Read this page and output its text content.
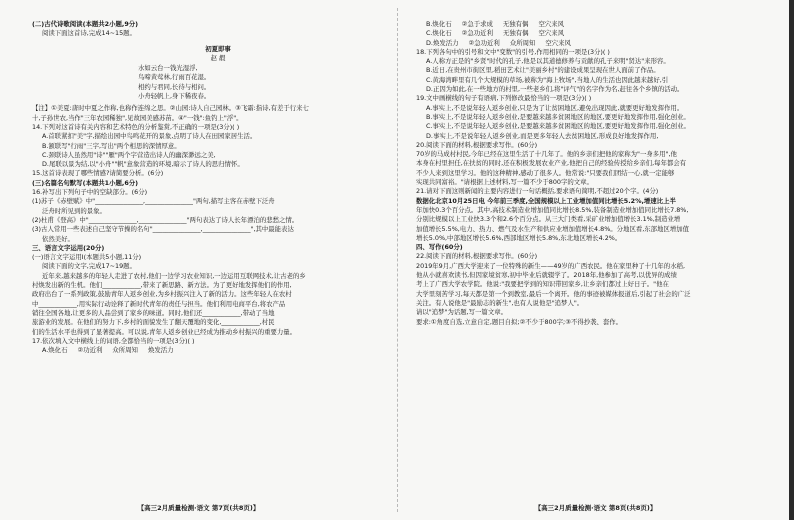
(二)古代诗歌阅读(本题共2小题,9分)
阅读下面这首诗,完成14~15题。
初夏即事
赵 嘏
水如云台一钱光湿浮,
鸟啼黄莺林,行雨百花湿。
相约与君同,长待与相问。
小舟轻帆上,身下稀夜春。
【注】①美夏:唐时中夏之作称,也称作连绵之思。②山园:诗人自己园林。③飞霜:指诗,有差于行来七
十,子孙世农,当作"三年农园稀独",见故园美感苏苗。④"一钱":鱼钓上"浮"。
14.下列对这首诗有关内容和艺术特色的分析鉴赏,不正确的一项是(3分)( )
A.首联紧扣"美"字,描绘出园中鸟鸣花开的景象,点明了诗人在田园家居生活。
B.颔联写"行雨"三字,写出"两个相思的深情厚意。
C.颈联诗人虽然用"诗""雁"两个字营造出诗人的幽深渺远之美,
D.尾联以景为结,以"小舟""帆"意象营造的环境,暗示了诗人的思归情怀。
15.这首诗表现了哪些情感?请简要分析。(6分)
(三)名篇名句默写(本题共1小题,6分)
16.补写出下列句子中的空缺部分。(6分)
(1)苏子《赤壁赋》中"_______________,_______________"两句,描写主客在赤壁下泛舟
泛舟时所见到的景象。
(2)杜甫《登高》中"_______________,_______________"两句表达了诗人长年漂泊的悲愁之情。
(3)古人常用一些表述自己坚守节操的名句"_______________,_______________",其中最能表达
依然美好。
三、语言文字运用(20分)
(一)语言文字运用Ⅰ(本题共5小题,11分)
阅读下面的文字,完成17~19题。
近年来,越来越多的年轻人走进了农村,他们一边学习农业知识,一边运用互联网技术,让古老的乡
村焕发出新的生机。他们____________,带来了新思路、新方法。为了更好地发挥他们的作用,
政府出台了一系列政策,鼓励青年人返乡创业,为乡村振兴注入了新的活力。这些年轻人在农村
中____________,用实际行动诠释了新时代青年的责任与担当。他们利用电商平台,将农产品
销往全国各地,让更多的人品尝到了家乡的味道。同时,他们还____________,带动了当地
旅游业的发展。在他们的努力下,乡村的面貌发生了翻天覆地的变化,____________,村民
们的生活水平也得到了显著提高。可以说,青年人返乡创业已经成为推动乡村振兴的重要力量。
17.依次填入文中横线上的词语,全都恰当的一项是(3分)( )
A.焕化石 ②功近利 众所周知 焕发活力
B.焕化石 ②急于求成 无独有偶 空穴来风
C.焕化石 ②急功近利 无独有偶 空穴来风
D.焕发活力 ②急功近利 众所周知 空穴来风
18.下列各句中的引号和文中"变数"的引号,作用相同的一项是(3分)( )
A.人称方正是的"乡贤"时代的孔子,他是以其道德修养与贡献的孔子来明"贤达"来形容。
B.近日,在贵州市街区里,稻田艺术让"美丽乡村"的建设成果呈现在世人面前了作品。
C.黄海湾畔里有几个大规模的草场,被称为"海上牧场",当地人的生活也因此越来越好,引
D.正因为如此,在一些地方的村里,一些老乡们,将"评气"的名字作为名,赶往各个乡镇的活动。
19.文中画横线的句子有语病,下列修改最恰当的一项是(3分)( )
A.事实上,不是说年轻人返乡创业,只是为了让贫困地区,避免出现因此,就要更好地发挥作用。
B.事实上,不是说年轻人返乡创业,是要越来越多贫困地区的地区,要更好地发挥作用,强化创业。
C.事实上,不是说年轻人返乡创业,是要越来越多贫困地区的地区,要更好地发挥作用,强化创业。
D.事实上,不是说年轻人返乡创业,而是更多年轻人去贫困地区,形成良好地发挥作用,
20.阅读下面的材料,根据要求写作。(60分)
70岁的马成村村民,今年已经在这里生活了十几年了。他的乡亲们把他的家称为"一身多用",他
本身在村里担任,在扶贫的同时,还在积极发展农业产业,他把自己的经验传授给乡亲们,每年都会有
不少人来到这里学习。他的这种精神,感动了很多人。他常说:"只要我们团结一心,就一定能够
实现共同富裕。"请根据上述材料,写一篇不少于800字的文章。
21.请对下面这则新闻的主要内容进行一句话概括,要求语句简明,不超过20个字。(4分)
数据化北京10月25日电 今年前三季度,全国规模以上工业增加值同比增长5.2%,增速比上半
年加快0.3个百分点。其中,高技术制造业增加值同比增长8.5%,装备制造业增加值同比增长7.8%,
分别比规模以上工业快3.3个和2.6个百分点。从三大门类看,采矿业增加值增长3.1%,制造业增
加值增长5.5%,电力、热力、燃气及水生产和供应业增加值增长4.8%。分地区看,东部地区增加值
增长5.0%,中部地区增长5.6%,西部地区增长5.8%,东北地区增长4.2%。
四、写作(60分)
22.阅读下面的材料,根据要求写作。(60分)
2019年9月,广西大学迎来了一位特殊的新生——49岁的广西农民。他在家里种了十几年的水稻,
他从小就喜欢读书,但因家境贫寒,初中毕业后就辍学了。2018年,他参加了高考,以优异的成绩
考上了广西大学农学院。他说:"我要把学到的知识带回家乡,让乡亲们都过上好日子。"他在
大学里刻苦学习,每天都是第一个到教室,最后一个离开。他的事迹被媒体报道后,引起了社会的广泛
关注。有人说他是"最励志的新生",也有人说他是"追梦人"。
请以"追梦"为话题,写一篇文章。
要求:①角度自选,立意自定,题目自拟;②不少于800字;③不得抄袭、套作。
【高三2月质量检测·语文 第7页(共8页)】	【高三2月质量检测·语文 第8页(共8页)】
